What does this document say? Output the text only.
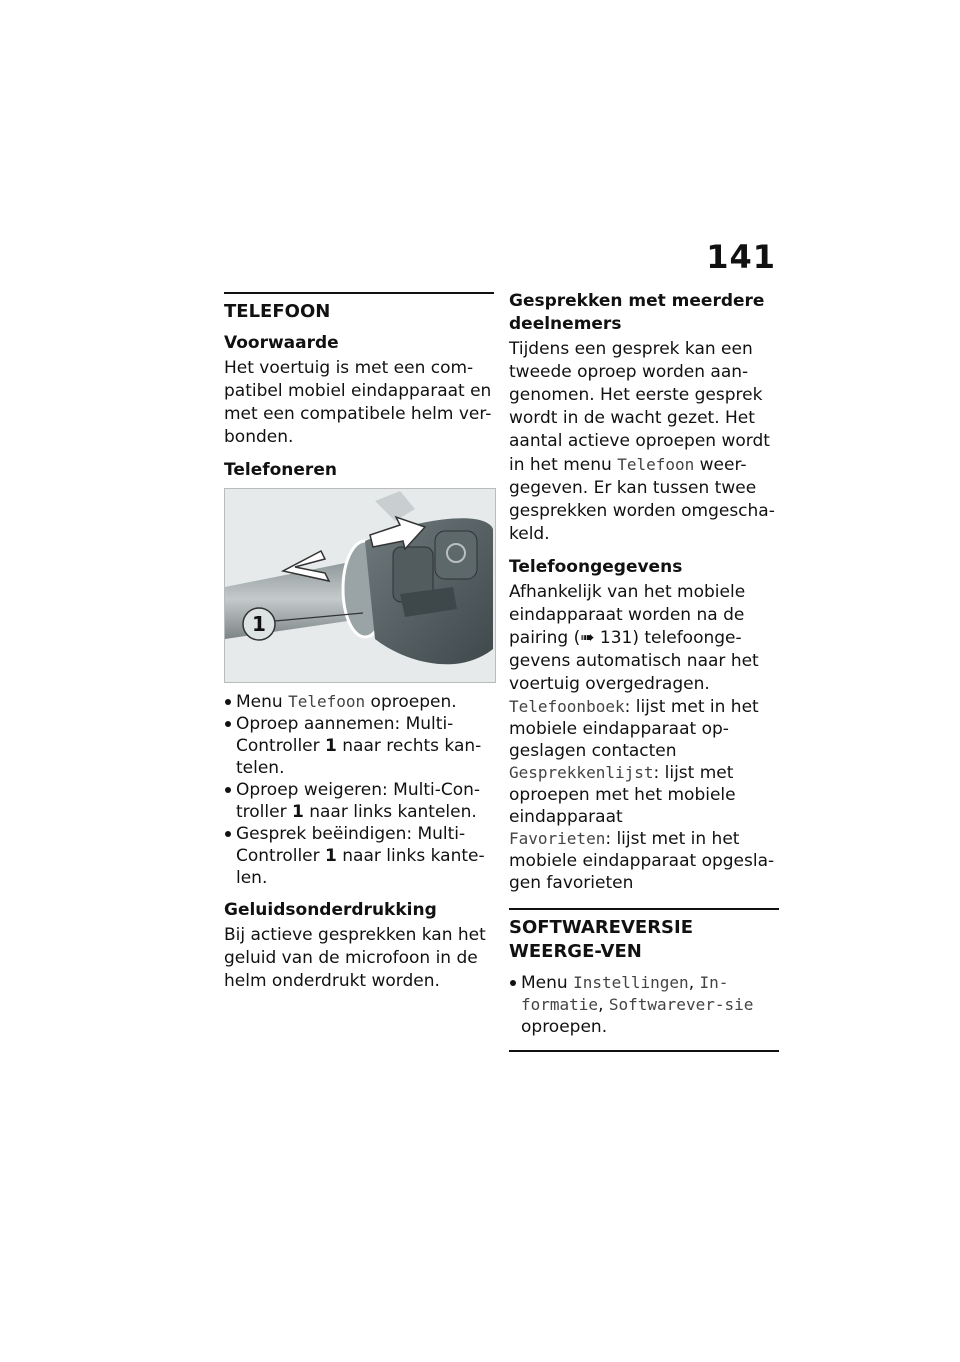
141
TELEFOON
Voorwaarde

Het voertuig is met een com-patibel mobiel eindapparaat en met een compatibele helm ver-bonden.

Telefoneren
1
Menu Telefoon oproepen.
Oproep aannemen: Multi-Controller 1 naar rechts kan-telen.
Oproep weigeren: Multi-Con-troller 1 naar links kantelen.
Gesprek beëindigen: Multi-Controller 1 naar links kante-len.
Geluidsonderdrukking

Bij actieve gesprekken kan het geluid van de microfoon in de helm onderdrukt worden.

Gesprekken met meerdere deelnemers

Tijdens een gesprek kan een tweede oproep worden aan-genomen. Het eerste gesprek wordt in de wacht gezet. Het aantal actieve oproepen wordt in het menu Telefoon weer-gegeven. Er kan tussen twee gesprekken worden omgescha-keld.

Telefoongegevens

Afhankelijk van het mobiele eindapparaat worden na de pairing (➠ 131) telefoonge-gevens automatisch naar het voertuig overgedragen.

Telefoonboek: lijst met in het mobiele eindapparaat op-geslagen contacten

Gesprekkenlijst: lijst met oproepen met het mobiele eindapparaat

Favorieten: lijst met in het mobiele eindapparaat opgesla-gen favorieten

SOFTWAREVERSIE WEERGE-VEN
Menu Instellingen, In-formatie, Softwarever-sie oproepen.
